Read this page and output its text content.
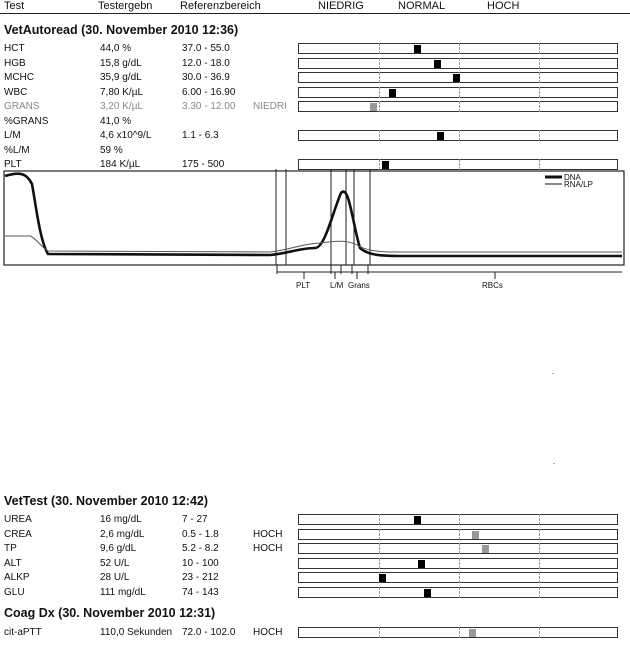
Test	Testergebn	Referenzbereich	NIEDRIG	NORMAL	HOCH
VetAutoread (30. November 2010 12:36)
VetTest (30. November 2010 12:42)
Coag Dx (30. November 2010 12:31)
HCT	44,0 %	37.0 - 55.0
HGB	15,8 g/dL	12.0 - 18.0
MCHC	35,9 g/dL	30.0 - 36.9
WBC	7,80 K/µL	6.00 - 16.90
GRANS	3,20 K/µL	3.30 - 12.00 NIEDRI
%GRANS	41,0 %
L/M	4,6 x10^9/L	1.1 - 6.3
%L/M	59 %
PLT	184 K/µL	175 - 500
UREA	16 mg/dL	7 - 27
CREA	2,6 mg/dL	0.5 - 1.8	HOCH
TP	9,6 g/dL	5.2 - 8.2	HOCH
ALT	52 U/L	10 - 100
ALKP	28 U/L	23 - 212
GLU	111 mg/dL	74 - 143
cit-aPTT	110,0 Sekunden 72.0 - 102.0 HOCH
DNA
RNA/LP
PLT L/M Grans	RBCs
